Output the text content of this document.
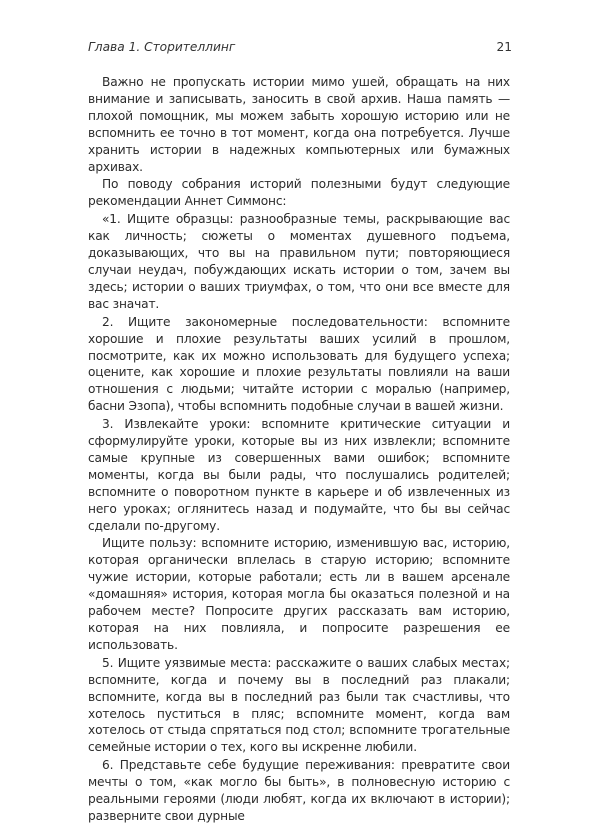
Глава 1. Сторителлинг	21

Важно не пропускать истории мимо ушей, обращать на них внимание и записывать, заносить в свой архив. Наша память — плохой помощник, мы можем забыть хорошую историю или не вспомнить ее точно в тот момент, когда она потребуется. Лучше хранить истории в надежных компьютерных или бумажных архивах.

По поводу собрания историй полезными будут следующие рекомендации Аннет Симмонс:

«1. Ищите образцы: разнообразные темы, раскрывающие вас как личность; сюжеты о моментах душевного подъема, доказывающих, что вы на правильном пути; повторяющиеся случаи неудач, побуждающих искать истории о том, зачем вы здесь; истории о ваших триумфах, о том, что они все вместе для вас значат.

2. Ищите закономерные последовательности: вспомните хорошие и плохие результаты ваших усилий в прошлом, посмотрите, как их можно использовать для будущего успеха; оцените, как хорошие и плохие результаты повлияли на ваши отношения с людьми; читайте истории с моралью (например, басни Эзопа), чтобы вспомнить подобные случаи в вашей жизни.

3. Извлекайте уроки: вспомните критические ситуации и сформулируйте уроки, которые вы из них извлекли; вспомните самые крупные из совершенных вами ошибок; вспомните моменты, когда вы были рады, что послушались родителей; вспомните о поворотном пункте в карьере и об извлеченных из него уроках; оглянитесь назад и подумайте, что бы вы сейчас сделали по-другому.

Ищите пользу: вспомните историю, изменившую вас, историю, которая органически вплелась в старую историю; вспомните чужие истории, которые работали; есть ли в вашем арсенале «домашняя» история, которая могла бы оказаться полезной и на рабочем месте? Попросите других рассказать вам историю, которая на них повлияла, и попросите разрешения ее использовать.

5. Ищите уязвимые места: расскажите о ваших слабых местах; вспомните, когда и почему вы в последний раз плакали; вспомните, когда вы в последний раз были так счастливы, что хотелось пуститься в пляс; вспомните момент, когда вам хотелось от стыда спрятаться под стол; вспомните трогательные семейные истории о тех, кого вы искренне любили.

6. Представьте себе будущие переживания: превратите свои мечты о том, «как могло бы быть», в полновесную историю с реальными героями (люди любят, когда их включают в истории); разверните свои дурные
